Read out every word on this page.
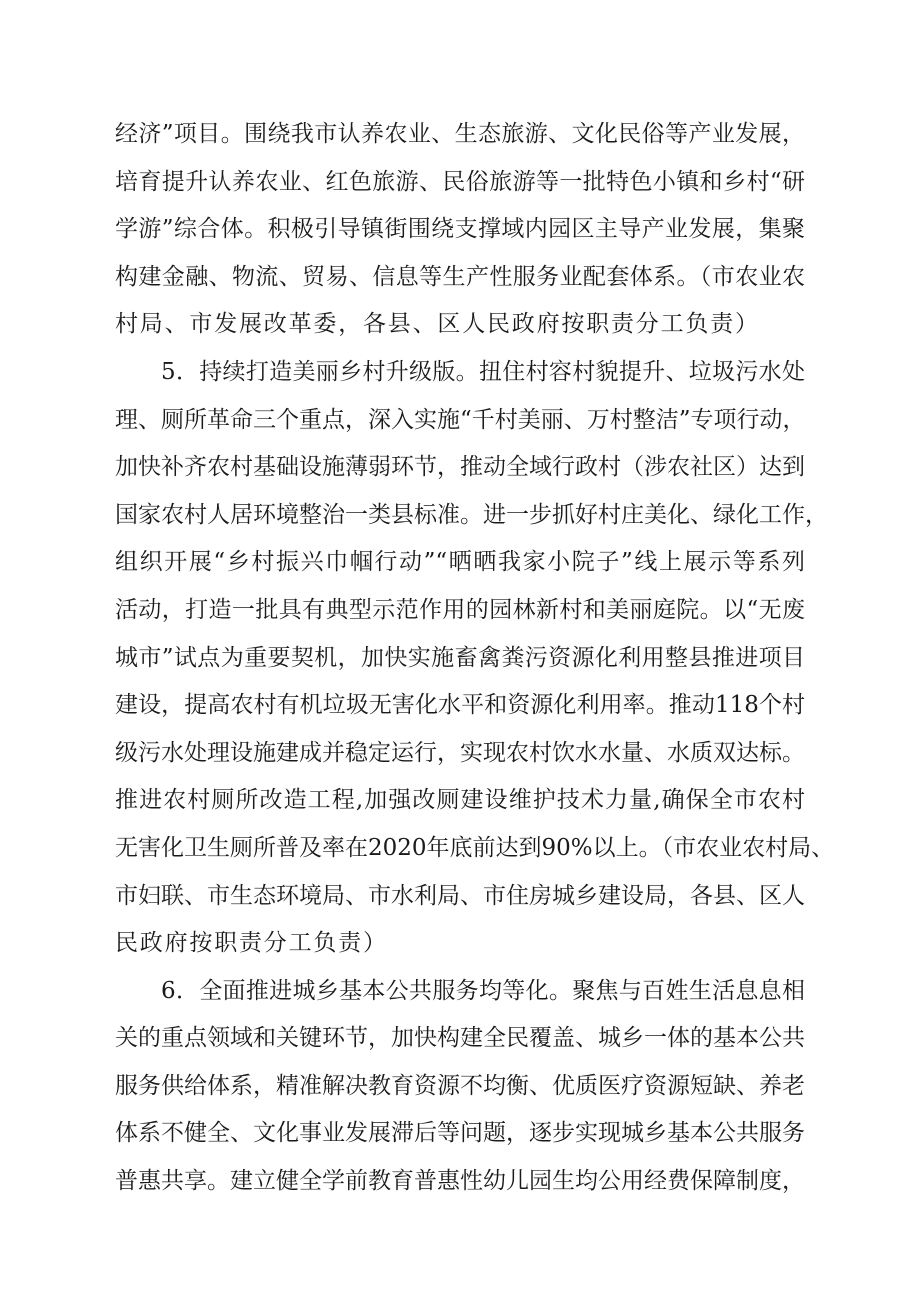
经济”项目。围绕我市认养农业、生态旅游、文化民俗等产业发展，
培育提升认养农业、红色旅游、民俗旅游等一批特色小镇和乡村“研
学游”综合体。积极引导镇街围绕支撑域内园区主导产业发展，集聚
构建金融、物流、贸易、信息等生产性服务业配套体系。（市农业农
村局、市发展改革委，各县、区人民政府按职责分工负责）
5．持续打造美丽乡村升级版。扭住村容村貌提升、垃圾污水处
理、厕所革命三个重点，深入实施“千村美丽、万村整洁”专项行动，
加快补齐农村基础设施薄弱环节，推动全域行政村（涉农社区）达到
国家农村人居环境整治一类县标准。进一步抓好村庄美化、绿化工作，
组织开展“乡村振兴巾帼行动”“晒晒我家小院子”线上展示等系列
活动，打造一批具有典型示范作用的园林新村和美丽庭院。以“无废
城市”试点为重要契机，加快实施畜禽粪污资源化利用整县推进项目
建设，提高农村有机垃圾无害化水平和资源化利用率。推动118个村
级污水处理设施建成并稳定运行，实现农村饮水水量、水质双达标。
推进农村厕所改造工程,加强改厕建设维护技术力量,确保全市农村
无害化卫生厕所普及率在2020年底前达到90%以上。（市农业农村局、
市妇联、市生态环境局、市水利局、市住房城乡建设局，各县、区人
民政府按职责分工负责）
6．全面推进城乡基本公共服务均等化。聚焦与百姓生活息息相
关的重点领域和关键环节，加快构建全民覆盖、城乡一体的基本公共
服务供给体系，精准解决教育资源不均衡、优质医疗资源短缺、养老
体系不健全、文化事业发展滞后等问题，逐步实现城乡基本公共服务
普惠共享。建立健全学前教育普惠性幼儿园生均公用经费保障制度，
